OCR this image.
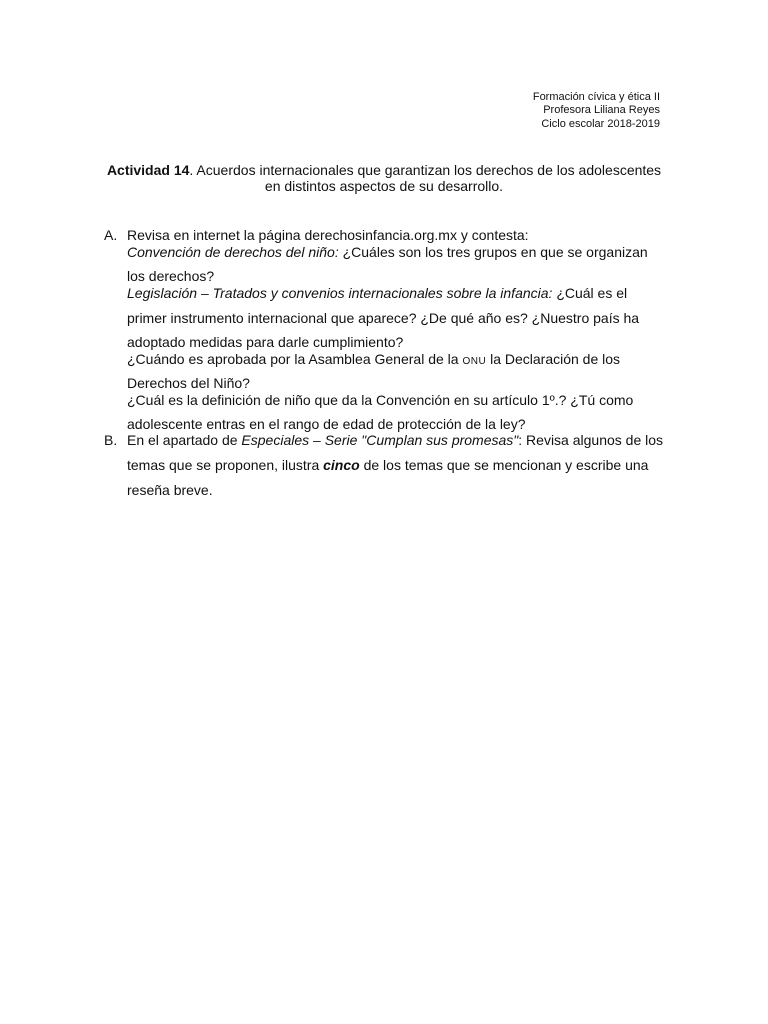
Formación cívica y ética II
Profesora Liliana Reyes
Ciclo escolar 2018-2019
Actividad 14. Acuerdos internacionales que garantizan los derechos de los adolescentes
en distintos aspectos de su desarrollo.
A. Revisa en internet la página derechosinfancia.org.mx y contesta:
Convención de derechos del niño: ¿Cuáles son los tres grupos en que se organizan
los derechos?
Legislación – Tratados y convenios internacionales sobre la infancia: ¿Cuál es el
primer instrumento internacional que aparece? ¿De qué año es? ¿Nuestro país ha
adoptado medidas para darle cumplimiento?
¿Cuándo es aprobada por la Asamblea General de la ONU la Declaración de los
Derechos del Niño?
¿Cuál es la definición de niño que da la Convención en su artículo 1º.? ¿Tú como
adolescente entras en el rango de edad de protección de la ley?
B. En el apartado de Especiales – Serie "Cumplan sus promesas": Revisa algunos de los
temas que se proponen, ilustra cinco de los temas que se mencionan y escribe una
reseña breve.
